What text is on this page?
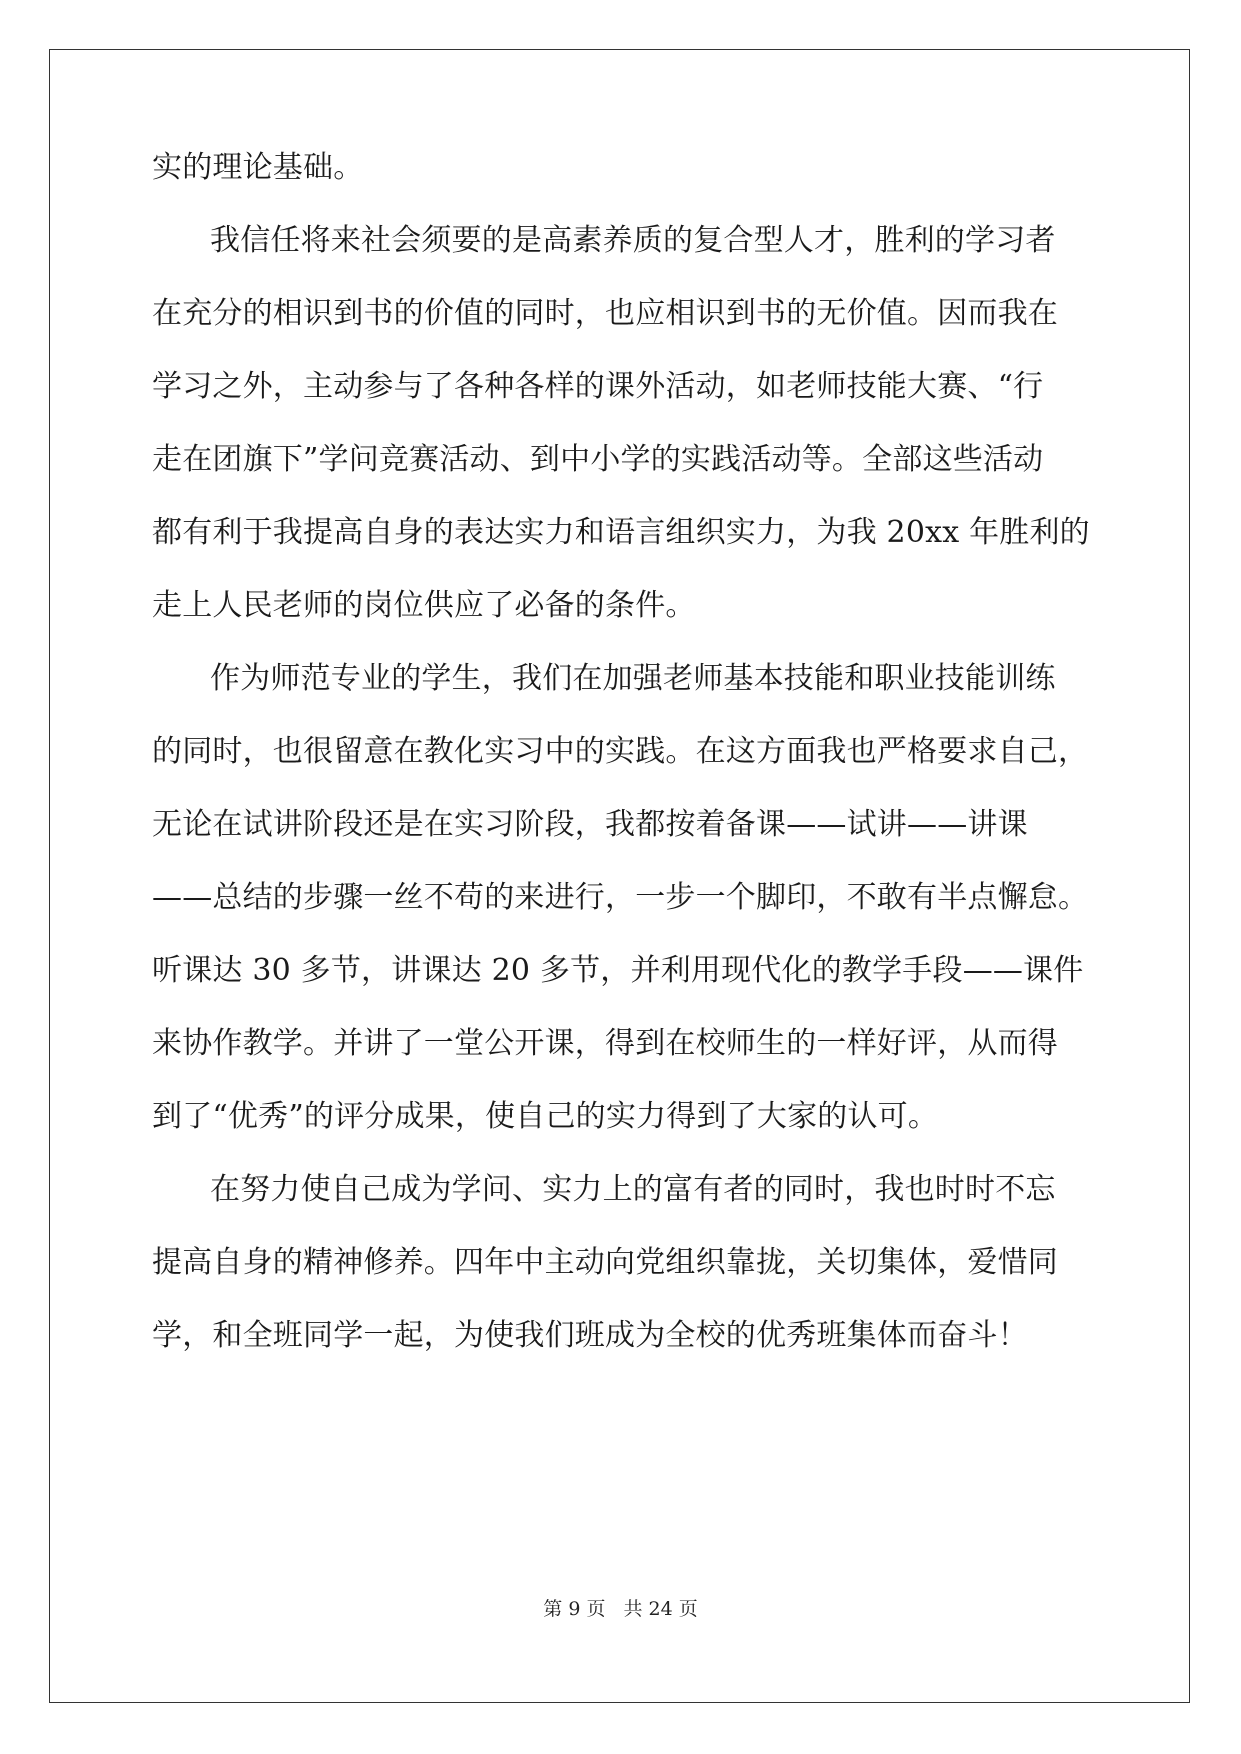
实的理论基础。
我信任将来社会须要的是高素养质的复合型人才，胜利的学习者
在充分的相识到书的价值的同时，也应相识到书的无价值。因而我在
学习之外，主动参与了各种各样的课外活动，如老师技能大赛、“行
走在团旗下”学问竞赛活动、到中小学的实践活动等。全部这些活动
都有利于我提高自身的表达实力和语言组织实力，为我 20xx 年胜利的
走上人民老师的岗位供应了必备的条件。
作为师范专业的学生，我们在加强老师基本技能和职业技能训练
的同时，也很留意在教化实习中的实践。在这方面我也严格要求自己，
无论在试讲阶段还是在实习阶段，我都按着备课——试讲——讲课
——总结的步骤一丝不苟的来进行，一步一个脚印，不敢有半点懈怠。
听课达 30 多节，讲课达 20 多节，并利用现代化的教学手段——课件
来协作教学。并讲了一堂公开课，得到在校师生的一样好评，从而得
到了“优秀”的评分成果，使自己的实力得到了大家的认可。
在努力使自己成为学问、实力上的富有者的同时，我也时时不忘
提高自身的精神修养。四年中主动向党组织靠拢，关切集体，爱惜同
学，和全班同学一起，为使我们班成为全校的优秀班集体而奋斗！
第 9 页 共 24 页
